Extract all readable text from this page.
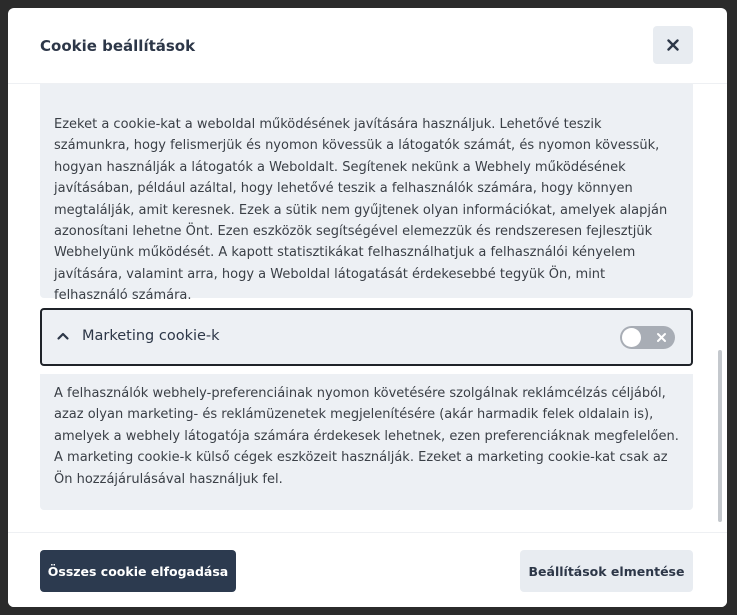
Cookie beállítások

Ezeket a cookie-kat a weboldal működésének javítására használjuk. Lehetővé teszik számunkra, hogy felismerjük és nyomon kövessük a látogatók számát, és nyomon kövessük, hogyan használják a látogatók a Weboldalt. Segítenek nekünk a Webhely működésének javításában, például azáltal, hogy lehetővé teszik a felhasználók számára, hogy könnyen megtalálják, amit keresnek. Ezek a sütik nem gyűjtenek olyan információkat, amelyek alapján azonosítani lehetne Önt. Ezen eszközök segítségével elemezzük és rendszeresen fejlesztjük Webhelyünk működését. A kapott statisztikákat felhasználhatjuk a felhasználói kényelem javítására, valamint arra, hogy a Weboldal látogatását érdekesebbé tegyük Ön, mint felhasználó számára.

Marketing cookie-k

A felhasználók webhely-preferenciáinak nyomon követésére szolgálnak reklámcélzás céljából, azaz olyan marketing- és reklámüzenetek megjelenítésére (akár harmadik felek oldalain is), amelyek a webhely látogatója számára érdekesek lehetnek, ezen preferenciáknak megfelelően. A marketing cookie-k külső cégek eszközeit használják. Ezeket a marketing cookie-kat csak az Ön hozzájárulásával használjuk fel.

Összes cookie elfogadása	Beállítások elmentése
